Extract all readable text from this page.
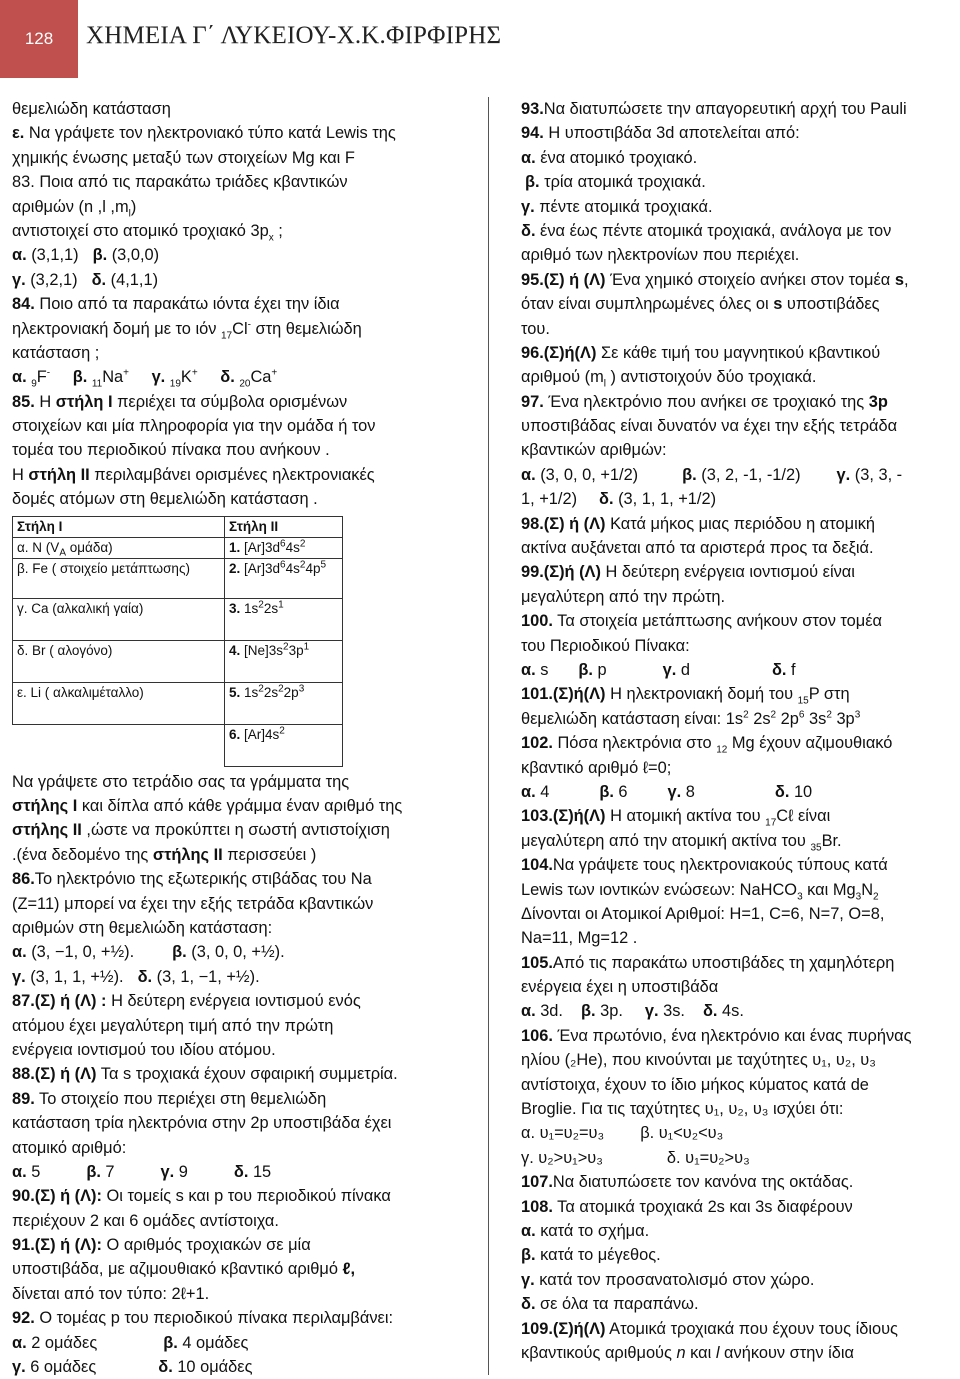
128	ΧΗΜΕΙΑ Γ΄ ΛΥΚΕΙΟΥ-Χ.Κ.ΦΙΡΦΙΡΗΣ
θεμελιώδη κατάσταση
ε. Να γράψετε τον ηλεκτρονιακό τύπο κατά Lewis της
χημικής ένωσης μεταξύ των στοιχείων Mg και F
83. Ποια από τις παρακάτω τριάδες κβαντικών
αριθμών (n ,l $,m_l$)
αντιστοιχεί στο ατομικό τροχιακό $3p_x$ ;
α. (3,1,1) β. (3,0,0)
γ. (3,2,1) δ. (4,1,1)
84. Ποιο από τα παρακάτω ιόντα έχει την ίδια
ηλεκτρονιακή δομή με το ιόν $_{17}$Cl- στη θεμελιώδη
κατάσταση ;
α. $_9$F- β. $_{11}$Na+ γ. $_{19}$K+ δ. $_{20}$Ca+
85. Η στήλη Ι περιέχει τα σύμβολα ορισμένων
στοιχείων και μία πληροφορία για την ομάδα ή τον
τομέα του περιοδικού πίνακα που ανήκουν .
Η στήλη ΙΙ περιλαμβάνει ορισμένες ηλεκτρονιακές
δομές ατόμων στη θεμελιώδη κατάσταση .
Στήλη Ι	Στήλη ΙΙ
α. N ($V_A$ ομάδα)	1. $[Ar]3d^64s^2$
β. Fe ( στοιχείο μετάπτωσης)	2. $[Ar]3d^64s^24p^5$
γ. Ca (αλκαλική γαία)	3. $1s^22s^1$
δ. Br ( αλογόνο)	4. $[Ne]3s^23p^1$
ε. Li ( αλκαλιμέταλλο)	5. $1s^22s^22p^3$
	6. $[Ar]4s^2$
Να γράψετε στο τετράδιο σας τα γράμματα της
στήλης Ι και δίπλα από κάθε γράμμα έναν αριθμό της
στήλης ΙΙ ,ώστε να προκύπτει η σωστή αντιστοίχιση
.(ένα δεδομένο της στήλης ΙΙ περισσεύει )
86.Το ηλεκτρόνιο της εξωτερικής στιβάδας του Na
(Z=11) μπορεί να έχει την εξής τετράδα κβαντικών
αριθμών στη θεμελιώδη κατάσταση:
α. (3, −1, 0, +½). β. (3, 0, 0, +½).
γ. (3, 1, 1, +½). δ. (3, 1, −1, +½).
87.(Σ) ή (Λ) : Η δεύτερη ενέργεια ιοντισμού ενός
ατόμου έχει μεγαλύτερη τιμή από την πρώτη
ενέργεια ιοντισμού του ιδίου ατόμου.
88.(Σ) ή (Λ) Τα s τροχιακά έχουν σφαιρική συμμετρία.
89. Το στοιχείο που περιέχει στη θεμελιώδη
κατάσταση τρία ηλεκτρόνια στην 2p υποστιβάδα έχει
ατομικό αριθμό:
α. 5	β. 7	γ. 9	δ. 15
90.(Σ) ή (Λ): Οι τομείς s και p του περιοδικού πίνακα
περιέχουν 2 και 6 ομάδες αντίστοιχα.
91.(Σ) ή (Λ): Ο αριθμός τροχιακών σε μία
υποστιβάδα, με αζιμουθιακό κβαντικό αριθμό ℓ,
δίνεται από τον τύπο: 2ℓ+1.
92. Ο τομέας p του περιοδικού πίνακα περιλαμβάνει:
α. 2 ομάδες	β. 4 ομάδες
γ. 6 ομάδες	δ. 10 ομάδες
93.Να διατυπώσετε την απαγορευτική αρχή του Pauli
94. Η υποστιβάδα 3d αποτελείται από:
α. ένα ατομικό τροχιακό.
β. τρία ατομικά τροχιακά.
γ. πέντε ατομικά τροχιακά.
δ. ένα έως πέντε ατομικά τροχιακά, ανάλογα με τον
αριθμό των ηλεκτρονίων που περιέχει.
95.(Σ) ή (Λ) Ένα χημικό στοιχείο ανήκει στον τομέα s,
όταν είναι συμπληρωμένες όλες οι s υποστιβάδες
του.
96.(Σ)ή(Λ) Σε κάθε τιμή του μαγνητικού κβαντικού
αριθμού ($m_l$ ) αντιστοιχούν δύο τροχιακά.
97. Ένα ηλεκτρόνιο που ανήκει σε τροχιακό της 3p
υποστιβάδας είναι δυνατόν να έχει την εξής τετράδα
κβαντικών αριθμών:
α. (3, 0, 0, +1/2)	β. (3, 2, -1, -1/2) γ. (3, 3, -
1, +1/2) δ. (3, 1, 1, +1/2)
98.(Σ) ή (Λ) Κατά μήκος μιας περιόδου η ατομική
ακτίνα αυξάνεται από τα αριστερά προς τα δεξιά.
99.(Σ)ή (Λ) Η δεύτερη ενέργεια ιοντισμού είναι
μεγαλύτερη από την πρώτη.
100. Τα στοιχεία μετάπτωσης ανήκουν στον τομέα
του Περιοδικού Πίνακα:
α. s β. p	γ. d	δ. f
101.(Σ)ή(Λ) Η ηλεκτρονιακή δομή του $_{15}$P στη
θεμελιώδη κατάσταση είναι: $1s^2$ $2s^2$ $2p^6$ $3s^2$ $3p^3$
102. Πόσα ηλεκτρόνια στο $_{12}$ Mg έχουν αζιμουθιακό
κβαντικό αριθμό ℓ=0;
α. 4	β. 6 γ. 8	δ. 10
103.(Σ)ή(Λ) Η ατομική ακτίνα του $_{17}$Cℓ είναι
μεγαλύτερη από την ατομική ακτίνα του $_{35}$Br.
104.Να γράψετε τους ηλεκτρονιακούς τύπους κατά
Lewis των ιοντικών ενώσεων: NaHCO$_3$ και $Mg_3N_2$
Δίνονται οι Ατομικοί Αριθμοί: H=1, C=6, N=7, O=8,
Na=11, Mg=12 .
105.Από τις παρακάτω υποστιβάδες τη χαμηλότερη
ενέργεια έχει η υποστιβάδα
α. 3d. β. 3p. γ. 3s. δ. 4s.
106. Ένα πρωτόνιο, ένα ηλεκτρόνιο και ένας πυρήνας
ηλίου (₂He), που κινούνται με ταχύτητες υ₁, υ₂, υ₃
αντίστοιχα, έχουν το ίδιο μήκος κύματος κατά de
Broglie. Για τις ταχύτητες υ₁, υ₂, υ₃ ισχύει ότι:
α. υ₁=υ₂=υ₃ β. υ₁<υ₂<υ₃
γ. υ₂>υ₁>υ₃	δ. υ₁=υ₂>υ₃
107.Να διατυπώσετε τον κανόνα της οκτάδας.
108. Τα ατομικά τροχιακά 2s και 3s διαφέρουν
α. κατά το σχήμα.
β. κατά το μέγεθος.
γ. κατά τον προσανατολισμό στον χώρο.
δ. σε όλα τα παραπάνω.
109.(Σ)ή(Λ) Ατομικά τροχιακά που έχουν τους ίδιους
κβαντικούς αριθμούς n και l ανήκουν στην ίδια
